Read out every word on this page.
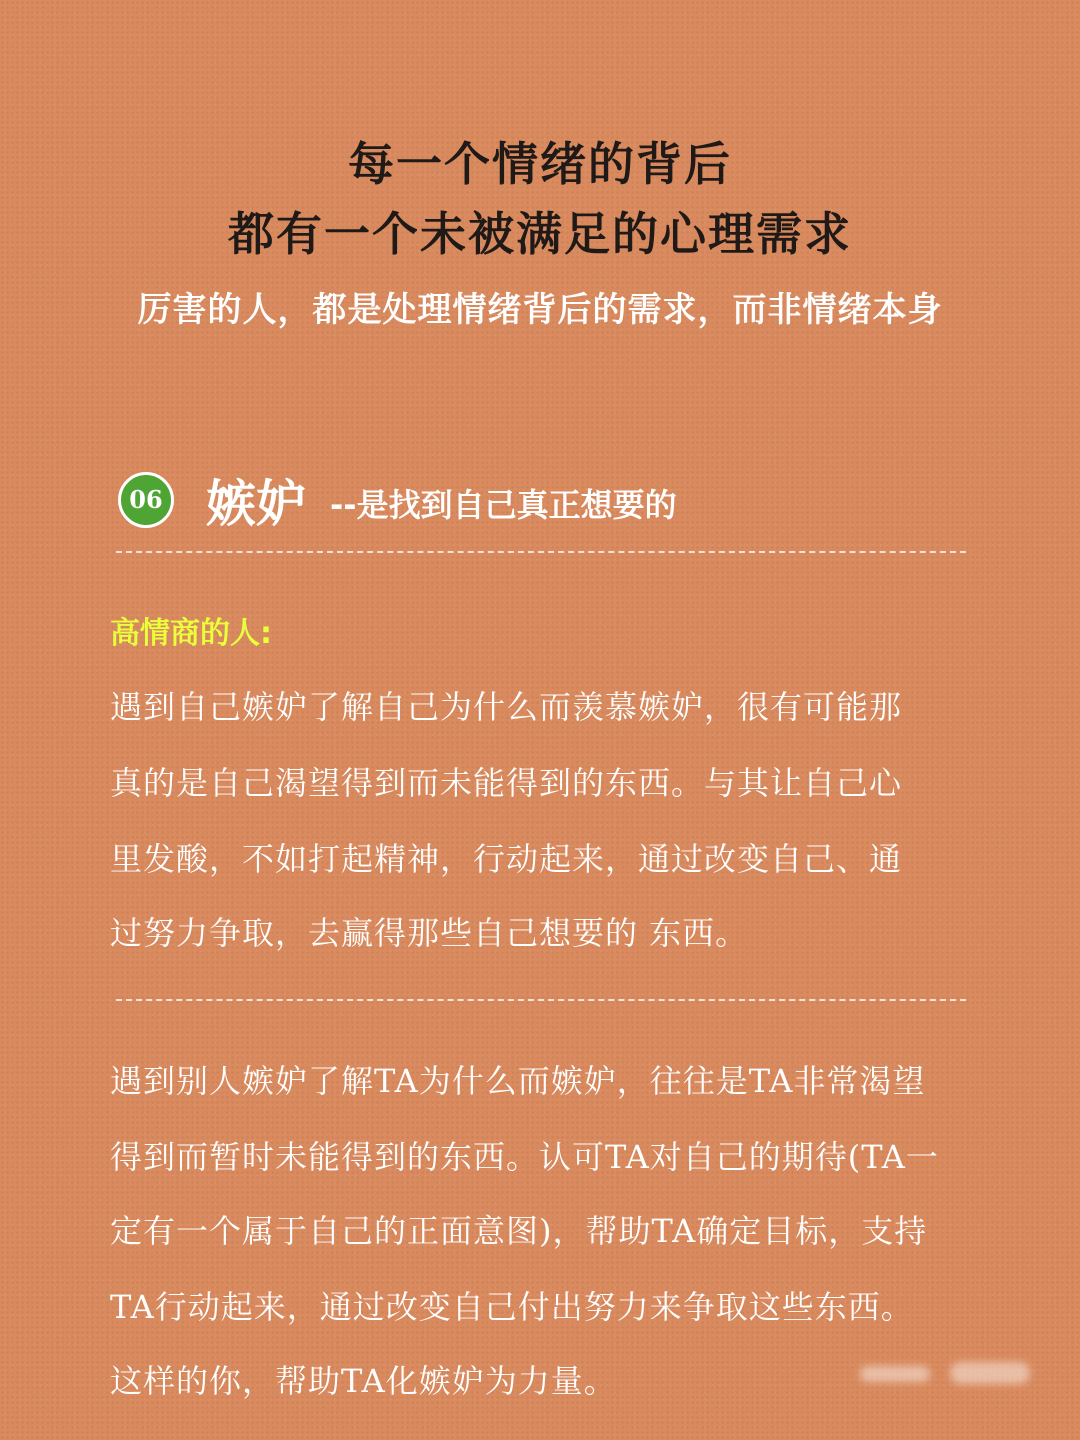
每一个情绪的背后
都有一个未被满足的心理需求
厉害的人，都是处理情绪背后的需求，而非情绪本身
06 嫉妒 --是找到自己真正想要的
高情商的人:
遇到自己嫉妒了解自己为什么而羡慕嫉妒，很有可能那
真的是自己渴望得到而未能得到的东西。与其让自己心
里发酸，不如打起精神，行动起来，通过改变自己、通
过努力争取，去赢得那些自己想要的 东西。
遇到别人嫉妒了解TA为什么而嫉妒，往往是TA非常渴望
得到而暂时未能得到的东西。认可TA对自己的期待(TA一
定有一个属于自己的正面意图)，帮助TA确定目标，支持
TA行动起来，通过改变自己付出努力来争取这些东西。
这样的你，帮助TA化嫉妒为力量。
